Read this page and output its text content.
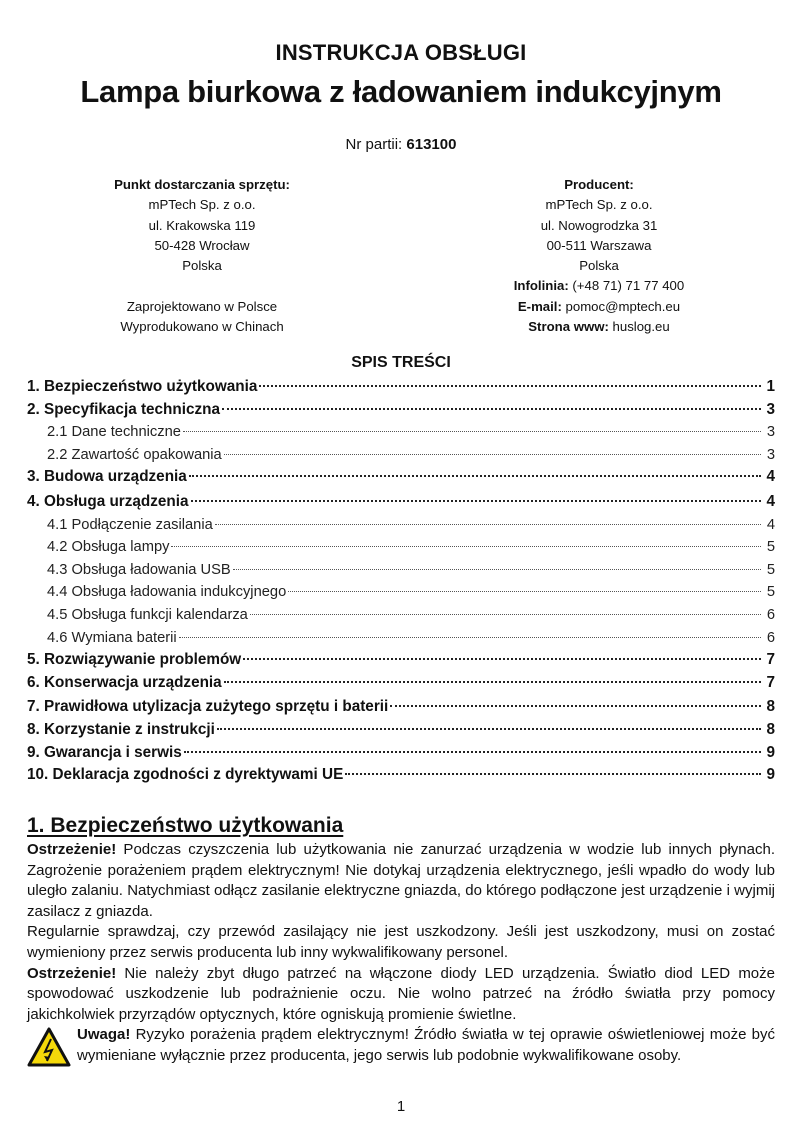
INSTRUKCJA OBSŁUGI
Lampa biurkowa z ładowaniem indukcyjnym
Nr partii: 613100
Punkt dostarczania sprzętu:
mPTech Sp. z o.o.
ul. Krakowska 119
50-428 Wrocław
Polska
Zaprojektowano w Polsce
Wyprodukowano w Chinach
Producent:
mPTech Sp. z o.o.
ul. Nowogrodzka 31
00-511 Warszawa
Polska
Infolinia: (+48 71) 71 77 400
E-mail: pomoc@mptech.eu
Strona www: huslog.eu
SPIS TREŚCI
1. Bezpieczeństwo użytkowania	1
2. Specyfikacja techniczna	3
2.1 Dane techniczne	3
2.2 Zawartość opakowania	3
3. Budowa urządzenia	4
4. Obsługa urządzenia	4
4.1 Podłączenie zasilania	4
4.2 Obsługa lampy	5
4.3 Obsługa ładowania USB	5
4.4 Obsługa ładowania indukcyjnego	5
4.5 Obsługa funkcji kalendarza	6
4.6 Wymiana baterii	6
5. Rozwiązywanie problemów	7
6. Konserwacja urządzenia	7
7. Prawidłowa utylizacja zużytego sprzętu i baterii	8
8. Korzystanie z instrukcji	8
9. Gwarancja i serwis	9
10. Deklaracja zgodności z dyrektywami UE	9
1. Bezpieczeństwo użytkowania

Ostrzeżenie! Podczas czyszczenia lub użytkowania nie zanurzać urządzenia w wodzie lub innych płynach. Zagrożenie porażeniem prądem elektrycznym! Nie dotykaj urządzenia elektrycznego, jeśli wpadło do wody lub uległo zalaniu. Natychmiast odłącz zasilanie elektryczne gniazda, do którego podłączone jest urządzenie i wyjmij zasilacz z gniazda.

Regularnie sprawdzaj, czy przewód zasilający nie jest uszkodzony. Jeśli jest uszkodzony, musi on zostać wymieniony przez serwis producenta lub inny wykwalifikowany personel.

Ostrzeżenie! Nie należy zbyt długo patrzeć na włączone diody LED urządzenia. Światło diod LED może spowodować uszkodzenie lub podrażnienie oczu. Nie wolno patrzeć na źródło światła przy pomocy jakichkolwiek przyrządów optycznych, które ogniskują promienie świetlne.

Uwaga! Ryzyko porażenia prądem elektrycznym! Źródło światła w tej oprawie oświetleniowej może być wymieniane wyłącznie przez producenta, jego serwis lub podobnie wykwalifikowane osoby.

1
